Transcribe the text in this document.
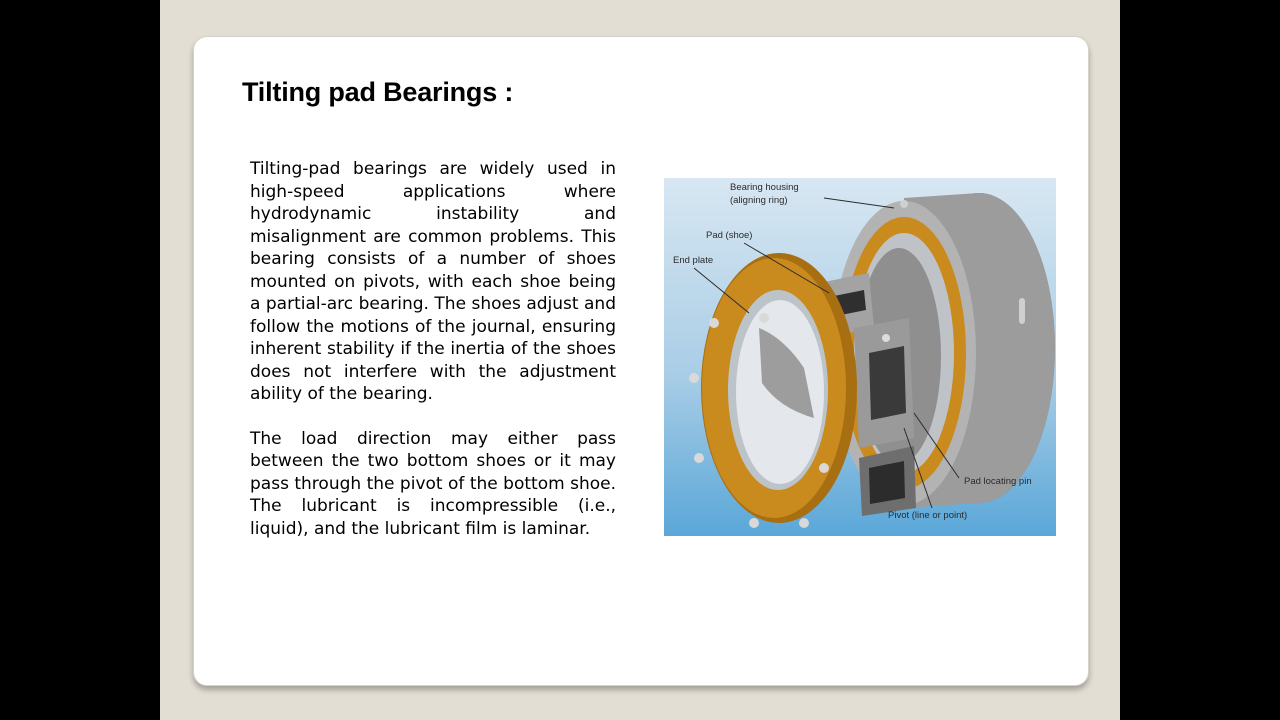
Tilting pad Bearings :

Tilting-pad bearings are widely used in high-speed applications where hydrodynamic instability and misalignment are common problems. This bearing consists of a number of shoes mounted on pivots, with each shoe being a partial-arc bearing. The shoes adjust and follow the motions of the journal, ensuring inherent stability if the inertia of the shoes does not interfere with the adjustment ability of the bearing.

The load direction may either pass between the two bottom shoes or it may pass through the pivot of the bottom shoe. The lubricant is incompressible (i.e., liquid), and the lubricant film is laminar.

Bearing housing
(aligning ring)
Pad (shoe)
End plate
Pad locating pin
Pivot (line or point)
